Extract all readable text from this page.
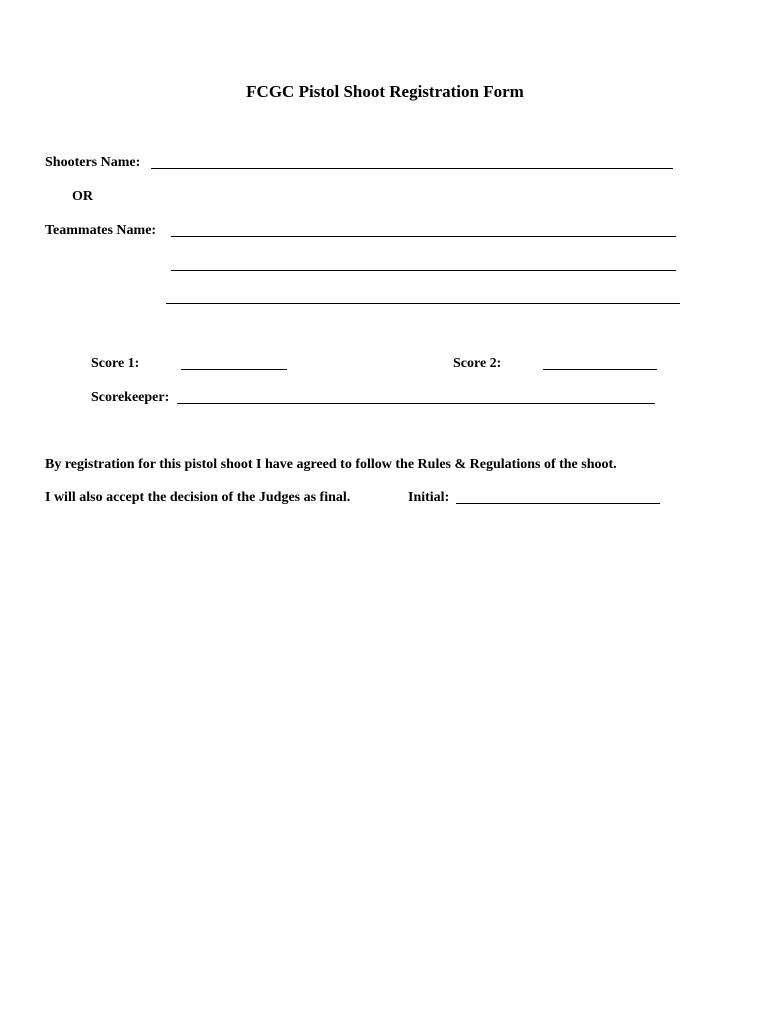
FCGC Pistol Shoot Registration Form
Shooters Name:
OR
Teammates Name:
Score 1:	Score 2:
Scorekeeper:
By registration for this pistol shoot I have agreed to follow the Rules & Regulations of the shoot.
I will also accept the decision of the Judges as final.	Initial:
